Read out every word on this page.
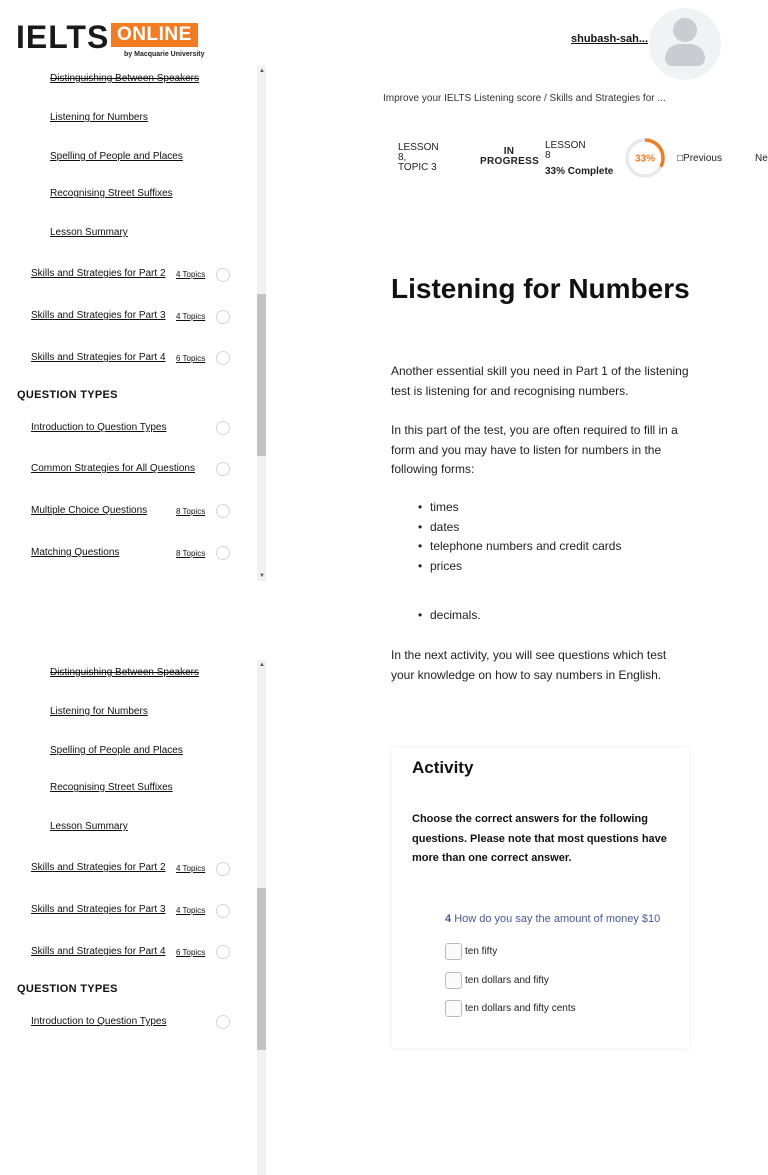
IELTS ONLINE
by Macquarie University
shubash-sah...
▲
▼
Distinguishing Between Speakers
Listening for Numbers
Spelling of People and Places
Recognising Street Suffixes
Lesson Summary
Skills and Strategies for Part 2 4 Topics
Skills and Strategies for Part 3 4 Topics
Skills and Strategies for Part 4 6 Topics
QUESTION TYPES
Introduction to Question Types
Common Strategies for All Questions
Multiple Choice Questions	8 Topics
Matching Questions	8 Topics
▲
Distinguishing Between Speakers
Listening for Numbers
Spelling of People and Places
Recognising Street Suffixes
Lesson Summary
Skills and Strategies for Part 2 4 Topics
Skills and Strategies for Part 3 4 Topics
Skills and Strategies for Part 4 6 Topics
QUESTION TYPES
Introduction to Question Types
Improve your IELTS Listening score / Skills and Strategies for ...
LESSON
8,
TOPIC 3
IN
PROGRESS
LESSON
8
33% Complete
33% □Previous	Ne
Listening for Numbers
Another essential skill you need in Part 1 of the listening test is listening for and recognising numbers.
In this part of the test, you are often required to fill in a form and you may have to listen for numbers in the following forms:
• times
• dates
• telephone numbers and credit cards
• prices
• decimals.
In the next activity, you will see questions which test your knowledge on how to say numbers in English.
Activity
Choose the correct answers for the following questions. Please note that most questions have more than one correct answer.
4 How do you say the amount of money $10
ten fifty
ten dollars and fifty
ten dollars and fifty cents
